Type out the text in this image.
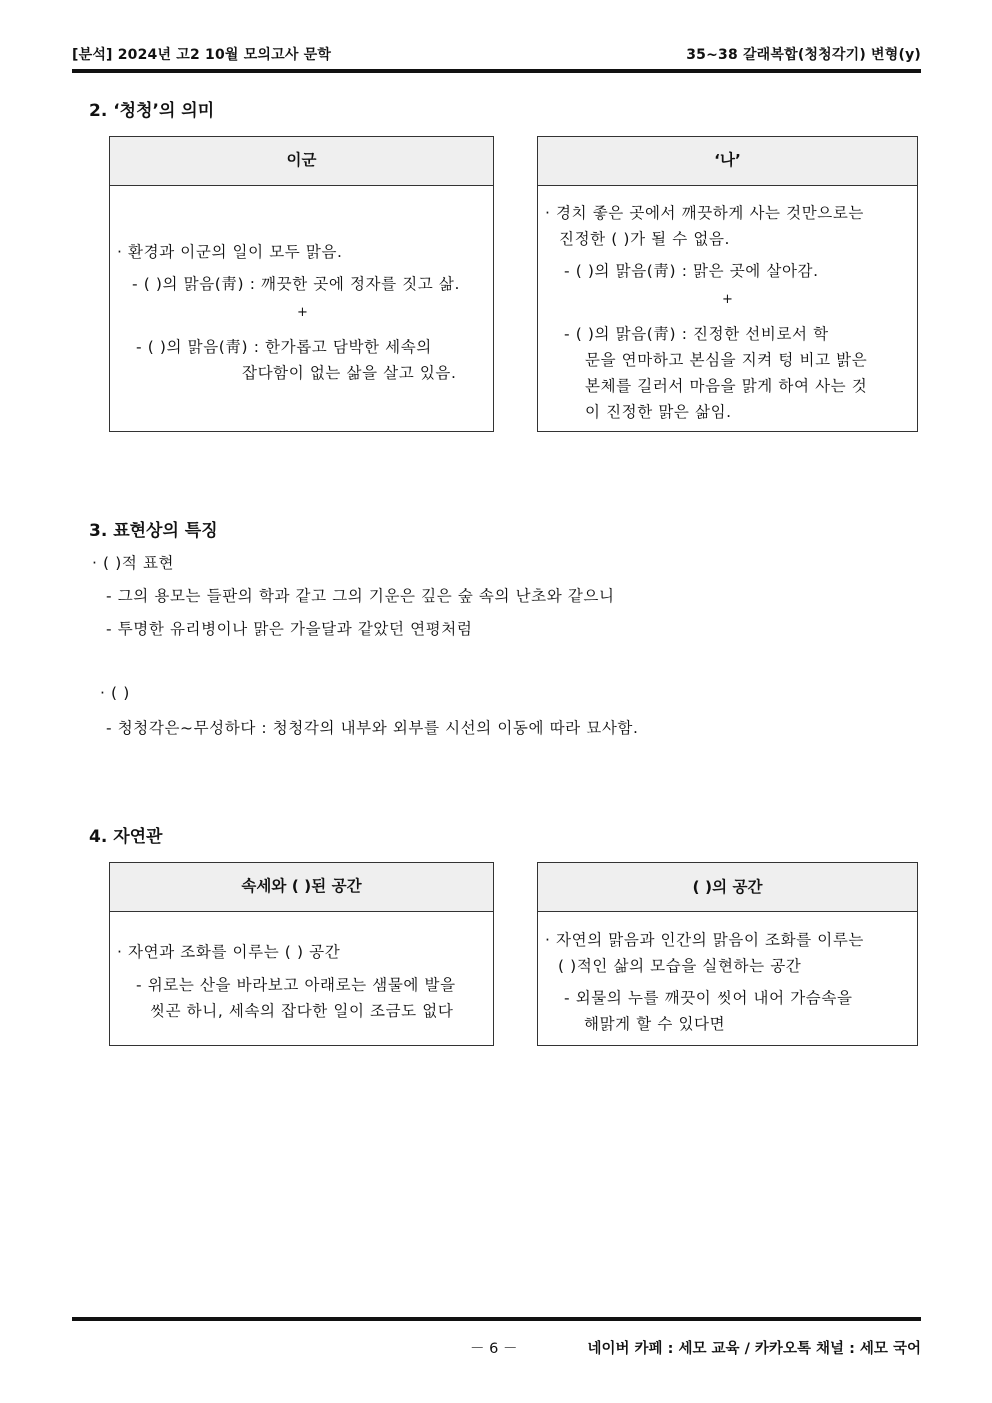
[분석] 2024년 고2 10월 모의고사 문학	35~38 갈래복합(청청각기) 변형(y)
2. ‘청청’의 의미
이군
· 환경과 이군의 일이 모두 맑음.
- ( )의 맑음(靑) : 깨끗한 곳에 정자를 짓고 삶.
+
- ( )의 맑음(靑) : 한가롭고 담박한 세속의
잡다함이 없는 삶을 살고 있음.
‘나’
· 경치 좋은 곳에서 깨끗하게 사는 것만으로는
진정한 ( )가 될 수 없음.
- ( )의 맑음(靑) : 맑은 곳에 살아감.
+
- ( )의 맑음(靑) : 진정한 선비로서 학
문을 연마하고 본심을 지켜 텅 비고 밝은
본체를 길러서 마음을 맑게 하여 사는 것
이 진정한 맑은 삶임.
3. 표현상의 특징
· ( )적 표현
- 그의 용모는 들판의 학과 같고 그의 기운은 깊은 숲 속의 난초와 같으니
- 투명한 유리병이나 맑은 가을달과 같았던 연평처럼
· ( )
- 청청각은~무성하다 : 청청각의 내부와 외부를 시선의 이동에 따라 묘사함.
4. 자연관
속세와 ( )된 공간
· 자연과 조화를 이루는 ( ) 공간
- 위로는 산을 바라보고 아래로는 샘물에 발을
씻곤 하니, 세속의 잡다한 일이 조금도 없다
( )의 공간
· 자연의 맑음과 인간의 맑음이 조화를 이루는
( )적인 삶의 모습을 실현하는 공간
- 외물의 누를 깨끗이 씻어 내어 가슴속을
해맑게 할 수 있다면
－ 6 －	네이버 카페 : 세모 교육 / 카카오톡 채널 : 세모 국어
